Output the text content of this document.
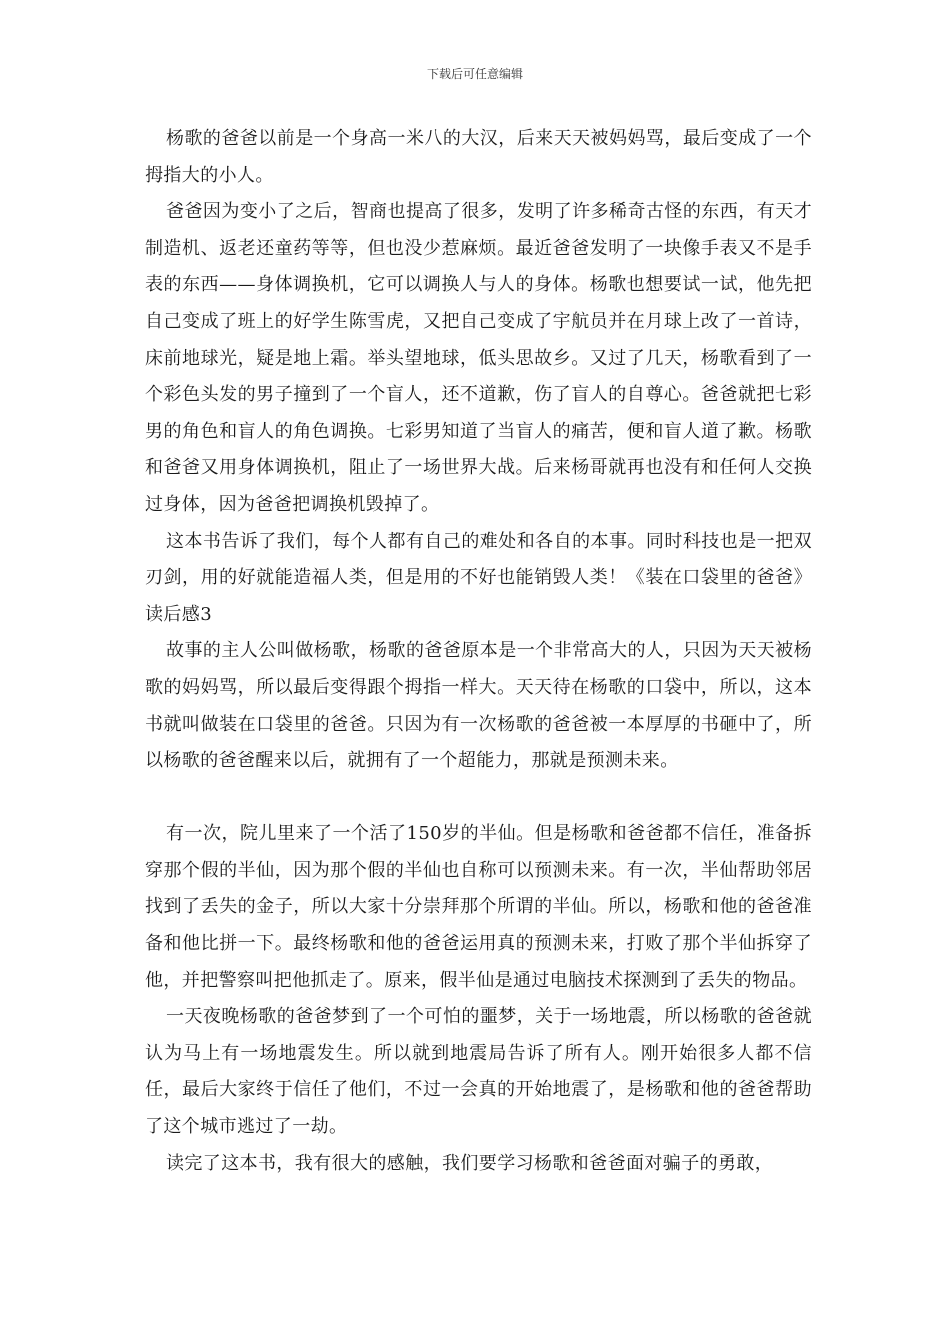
下载后可任意编辑

杨歌的爸爸以前是一个身高一米八的大汉，后来天天被妈妈骂，最后变成了一个拇指大的小人。

爸爸因为变小了之后，智商也提高了很多，发明了许多稀奇古怪的东西，有天才制造机、返老还童药等等，但也没少惹麻烦。最近爸爸发明了一块像手表又不是手表的东西——身体调换机，它可以调换人与人的身体。杨歌也想要试一试，他先把自己变成了班上的好学生陈雪虎，又把自己变成了宇航员并在月球上改了一首诗，床前地球光，疑是地上霜。举头望地球，低头思故乡。又过了几天，杨歌看到了一个彩色头发的男子撞到了一个盲人，还不道歉，伤了盲人的自尊心。爸爸就把七彩男的角色和盲人的角色调换。七彩男知道了当盲人的痛苦，便和盲人道了歉。杨歌和爸爸又用身体调换机，阻止了一场世界大战。后来杨哥就再也没有和任何人交换过身体，因为爸爸把调换机毁掉了。

这本书告诉了我们，每个人都有自己的难处和各自的本事。同时科技也是一把双刃剑，用的好就能造福人类，但是用的不好也能销毁人类！《装在口袋里的爸爸》读后感3

故事的主人公叫做杨歌，杨歌的爸爸原本是一个非常高大的人，只因为天天被杨歌的妈妈骂，所以最后变得跟个拇指一样大。天天待在杨歌的口袋中，所以，这本书就叫做装在口袋里的爸爸。只因为有一次杨歌的爸爸被一本厚厚的书砸中了，所以杨歌的爸爸醒来以后，就拥有了一个超能力，那就是预测未来。

有一次，院儿里来了一个活了150岁的半仙。但是杨歌和爸爸都不信任，准备拆穿那个假的半仙，因为那个假的半仙也自称可以预测未来。有一次，半仙帮助邻居找到了丢失的金子，所以大家十分崇拜那个所谓的半仙。所以，杨歌和他的爸爸准备和他比拼一下。最终杨歌和他的爸爸运用真的预测未来，打败了那个半仙拆穿了他，并把警察叫把他抓走了。原来，假半仙是通过电脑技术探测到了丢失的物品。

一天夜晚杨歌的爸爸梦到了一个可怕的噩梦，关于一场地震，所以杨歌的爸爸就认为马上有一场地震发生。所以就到地震局告诉了所有人。刚开始很多人都不信任，最后大家终于信任了他们，不过一会真的开始地震了，是杨歌和他的爸爸帮助了这个城市逃过了一劫。

读完了这本书，我有很大的感触，我们要学习杨歌和爸爸面对骗子的勇敢，
